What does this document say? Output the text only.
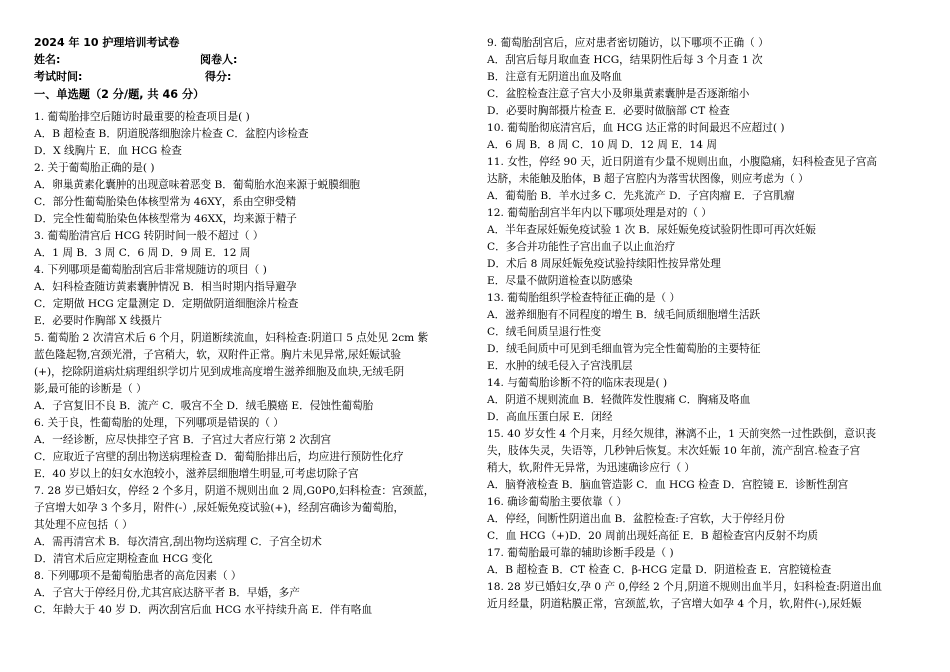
2024 年 10 护理培训考试卷
姓名:	阅卷人:
考试时间:	得分:
一、单选题（2 分/题, 共 46 分）
1. 葡萄胎排空后随访时最重要的检查项目是( )
A．B 超检查 B．阴道脱落细胞涂片检查 C．盆腔内诊检查
D．X 线胸片 E．血 HCG 检查
2. 关于葡萄胎正确的是( )
A．卵巢黄素化囊肿的出现意味着恶变 B．葡萄胎水泡来源于蜕膜细胞
C．部分性葡萄胎染色体核型常为 46XY，系由空卵受精
D．完全性葡萄胎染色体核型常为 46XX，均来源于精子
3. 葡萄胎清宫后 HCG 转阴时间一般不超过（ ）
A．1 周 B．3 周 C．6 周 D．9 周 E．12 周
4. 下列哪项是葡萄胎刮宫后非常规随访的项目（ )
A．妇科检查随访黄素囊肿情况 B．相当时期内指导避孕
C．定期做 HCG 定量测定 D．定期做阴道细胞涂片检查
E．必要时作胸部 X 线摄片
5. 葡萄胎 2 次清宫术后 6 个月，阴道断续流血，妇科检查:阴道口 5 点处见 2cm 紫
蓝色隆起物,宫颈光滑，子宫稍大，软，双附件正常。胸片未见异常,尿妊娠试验
(+)，挖除阴道病灶病理组织学切片见到成堆高度增生滋养细胞及血块,无绒毛阴
影,最可能的诊断是（ ）
A．子宫复旧不良 B．流产 C．吸宫不全 D．绒毛膜癌 E．侵蚀性葡萄胎
6. 关于良，性葡萄胎的处理，下列哪项是错误的（ ）
A．一经诊断，应尽快排空子宫 B．子宫过大者应行第 2 次刮宫
C．应取近子宫壁的刮出物送病理检查 D．葡萄胎排出后，均应进行预防性化疗
E．40 岁以上的妇女水泡较小，滋养层细胞增生明显,可考虑切除子宫
7. 28 岁已婚妇女，停经 2 个多月，阴道不规则出血 2 周,G0P0,妇科检查：宫颈蓝，
子宫增大如孕 3 个多月，附件(-）,尿妊娠免疫试验(+)，经刮宫确诊为葡萄胎，
其处理不应包括（ ）
A．需再清宫术 B．每次清宫,刮出物均送病理 C．子宫全切术
D．清官术后应定期检查血 HCG 变化
8. 下列哪项不是葡萄胎患者的高危因素（ ）
A．子宫大于停经月份,尤其宫底达脐平者 B．早婚，多产
C．年龄大于 40 岁 D．两次刮宫后血 HCG 水平持续升高 E．伴有咯血
9. 葡萄胎刮宫后，应对患者密切随访，以下哪项不正确（ ）
A．刮宫后每月取血查 HCG，结果阴性后每 3 个月查 1 次
B．注意有无阴道出血及咯血
C．盆腔检查注意子宫大小及卵巢黄素囊肿是否逐渐缩小
D．必要时胸部摄片检查 E．必要时做脑部 CT 检查
10. 葡萄胎彻底清宫后，血 HCG 达正常的时间最迟不应超过( )
A．6 周 B．8 周 C．10 周 D．12 周 E．14 周
11. 女性，停经 90 天，近日阴道有少量不规则出血，小腹隐痛，妇科检查见子宫高
达脐，未能触及胎体，B 超子宫腔内为落雪状图像，则应考虑为（ ）
A．葡萄胎 B．羊水过多 C．先兆流产 D．子宫肉瘤 E．子宫肌瘤
12. 葡萄胎刮宫半年内以下哪项处理是对的（ ）
A．半年查尿妊娠免疫试验 1 次 B．尿妊娠免疫试验阴性即可再次妊娠
C．多合并功能性子宫出血子以止血治疗
D．术后 8 周尿妊娠免疫试验持续阳性按异常处理
E．尽量不做阴道检查以防感染
13. 葡萄胎组织学检查特征正确的是（ ）
A．滋养细胞有不同程度的增生 B．绒毛间质细胞增生活跃
C．绒毛间质呈退行性变
D．绒毛间质中可见到毛细血管为完全性葡萄胎的主要特征
E．水肿的绒毛侵入子宫浅肌层
14. 与葡萄胎诊断不符的临床表现是( )
A．阴道不规则流血 B．轻微阵发性腹痛 C．胸痛及咯血
D．高血压蛋白尿 E．闭经
15. 40 岁女性 4 个月来，月经欠规律，淋漓不止，1 天前突然一过性跌倒，意识丧
失，肢体失灵，失语等，几秒钟后恢复。末次妊娠 10 年前，流产刮宫.检查子宫
稍大，软,附件无异常，为迅速确诊应行（ ）
A．脑脊液检查 B．脑血管造影 C．血 HCG 检查 D．宫腔镜 E．诊断性刮宫
16. 确诊葡萄胎主要依靠（ ）
A．停经，间断性阴道出血 B．盆腔检查:子宫软，大于停经月份
C．血 HCG（+)D．20 周前出现妊高征 E．B 超检查宫内反射不均质
17. 葡萄胎最可靠的辅助诊断手段是（ )
A．B 超检查 B．CT 检查 C．β-HCG 定量 D．阴道检查 E．宫腔镜检查
18. 28 岁已婚妇女,孕 0 产 0,停经 2 个月,阴道不规则出血半月，妇科检查:阴道出血
近月经量，阴道粘膜正常，宫颈蓝,软，子宫增大如孕 4 个月，软,附件(-),尿妊娠
